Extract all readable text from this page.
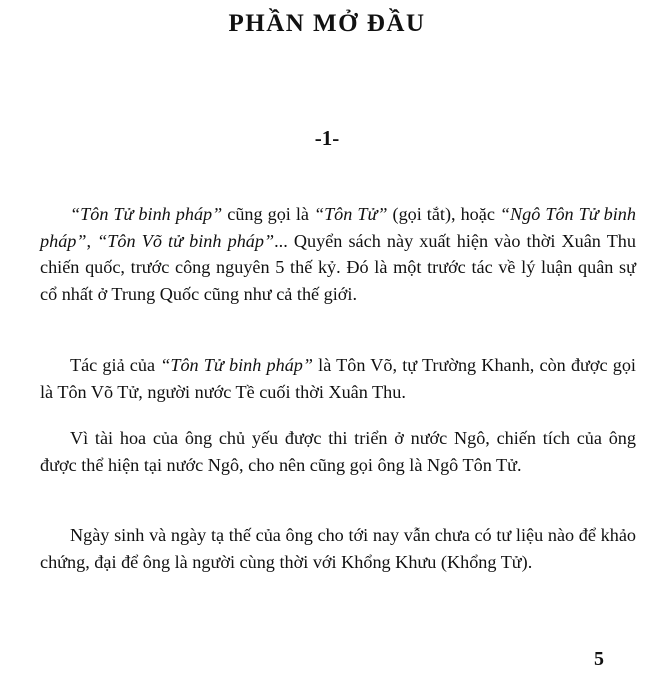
PHẦN MỞ ĐẦU
-1-

“Tôn Tử binh pháp” cũng gọi là “Tôn Tử” (gọi tắt), hoặc “Ngô Tôn Tử binh pháp”, “Tôn Võ tử binh pháp”... Quyển sách này xuất hiện vào thời Xuân Thu chiến quốc, trước công nguyên 5 thế kỷ. Đó là một trước tác về lý luận quân sự cổ nhất ở Trung Quốc cũng như cả thế giới.

Tác giả của “Tôn Tử binh pháp” là Tôn Võ, tự Trường Khanh, còn được gọi là Tôn Võ Tử, người nước Tề cuối thời Xuân Thu.

Vì tài hoa của ông chủ yếu được thi triển ở nước Ngô, chiến tích của ông được thể hiện tại nước Ngô, cho nên cũng gọi ông là Ngô Tôn Tử.

Ngày sinh và ngày tạ thế của ông cho tới nay vẫn chưa có tư liệu nào để khảo chứng, đại để ông là người cùng thời với Khổng Khưu (Khổng Tử).

5
